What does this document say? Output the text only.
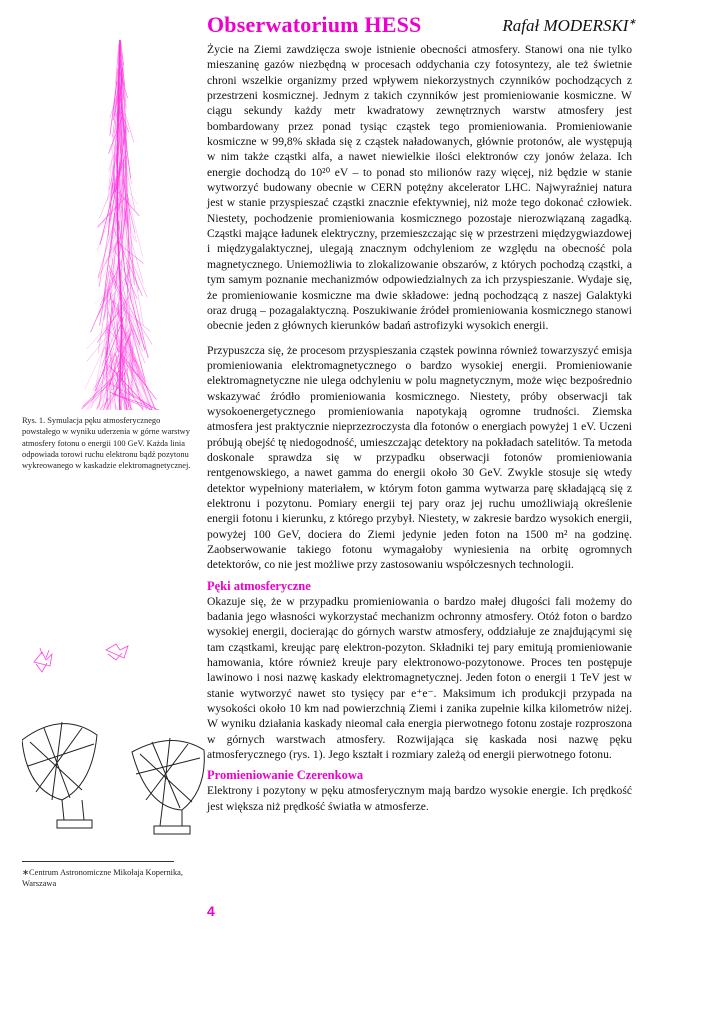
Rys. 1. Symulacja pęku atmosferycznego powstałego w wyniku uderzenia w górne warstwy atmosfery fotonu o energii 100 GeV. Każda linia odpowiada torowi ruchu elektronu bądź pozytonu wykreowanego w kaskadzie elektromagnetycznej.
∗Centrum Astronomiczne Mikołaja Kopernika, Warszawa
Obserwatorium HESS	Rafał MODERSKI∗

Życie na Ziemi zawdzięcza swoje istnienie obecności atmosfery. Stanowi ona nie tylko mieszaninę gazów niezbędną w procesach oddychania czy fotosyntezy, ale też świetnie chroni wszelkie organizmy przed wpływem niekorzystnych czynników pochodzących z przestrzeni kosmicznej. Jednym z takich czynników jest promieniowanie kosmiczne. W ciągu sekundy każdy metr kwadratowy zewnętrznych warstw atmosfery jest bombardowany przez ponad tysiąc cząstek tego promieniowania. Promieniowanie kosmiczne w 99,8% składa się z cząstek naładowanych, głównie protonów, ale występują w nim także cząstki alfa, a nawet niewielkie ilości elektronów czy jonów żelaza. Ich energie dochodzą do 10²⁰ eV – to ponad sto milionów razy więcej, niż będzie w stanie wytworzyć budowany obecnie w CERN potężny akcelerator LHC. Najwyraźniej natura jest w stanie przyspieszać cząstki znacznie efektywniej, niż może tego dokonać człowiek. Niestety, pochodzenie promieniowania kosmicznego pozostaje nierozwiązaną zagadką. Cząstki mające ładunek elektryczny, przemieszczając się w przestrzeni międzygwiazdowej i międzygalaktycznej, ulegają znacznym odchyleniom ze względu na obecność pola magnetycznego. Uniemożliwia to zlokalizowanie obszarów, z których pochodzą cząstki, a tym samym poznanie mechanizmów odpowiedzialnych za ich przyspieszanie. Wydaje się, że promieniowanie kosmiczne ma dwie składowe: jedną pochodzącą z naszej Galaktyki oraz drugą – pozagalaktyczną. Poszukiwanie źródeł promieniowania kosmicznego stanowi obecnie jeden z głównych kierunków badań astrofizyki wysokich energii.

Przypuszcza się, że procesom przyspieszania cząstek powinna również towarzyszyć emisja promieniowania elektromagnetycznego o bardzo wysokiej energii. Promieniowanie elektromagnetyczne nie ulega odchyleniu w polu magnetycznym, może więc bezpośrednio wskazywać źródło promieniowania kosmicznego. Niestety, próby obserwacji tak wysokoenergetycznego promieniowania napotykają ogromne trudności. Ziemska atmosfera jest praktycznie nieprzezroczysta dla fotonów o energiach powyżej 1 eV. Uczeni próbują obejść tę niedogodność, umieszczając detektory na pokładach satelitów. Ta metoda doskonale sprawdza się w przypadku obserwacji fotonów promieniowania rentgenowskiego, a nawet gamma do energii około 30 GeV. Zwykle stosuje się wtedy detektor wypełniony materiałem, w którym foton gamma wytwarza parę składającą się z elektronu i pozytonu. Pomiary energii tej pary oraz jej ruchu umożliwiają określenie energii fotonu i kierunku, z którego przybył. Niestety, w zakresie bardzo wysokich energii, powyżej 100 GeV, dociera do Ziemi jedynie jeden foton na 1500 m² na godzinę. Zaobserwowanie takiego fotonu wymagałoby wyniesienia na orbitę ogromnych detektorów, co nie jest możliwe przy zastosowaniu współczesnych technologii.

Pęki atmosferyczne

Okazuje się, że w przypadku promieniowania o bardzo małej długości fali możemy do badania jego własności wykorzystać mechanizm ochronny atmosfery. Otóż foton o bardzo wysokiej energii, docierając do górnych warstw atmosfery, oddziałuje ze znajdującymi się tam cząstkami, kreując parę elektron-pozyton. Składniki tej pary emitują promieniowanie hamowania, które również kreuje pary elektronowo-pozytonowe. Proces ten postępuje lawinowo i nosi nazwę kaskady elektromagnetycznej. Jeden foton o energii 1 TeV jest w stanie wytworzyć nawet sto tysięcy par e⁺e⁻. Maksimum ich produkcji przypada na wysokości około 10 km nad powierzchnią Ziemi i zanika zupełnie kilka kilometrów niżej. W wyniku działania kaskady nieomal cała energia pierwotnego fotonu zostaje rozproszona w górnych warstwach atmosfery. Rozwijająca się kaskada nosi nazwę pęku atmosferycznego (rys. 1). Jego kształt i rozmiary zależą od energii pierwotnego fotonu.

Promieniowanie Czerenkowa

Elektrony i pozytony w pęku atmosferycznym mają bardzo wysokie energie. Ich prędkość jest większa niż prędkość światła w atmosferze.

4
